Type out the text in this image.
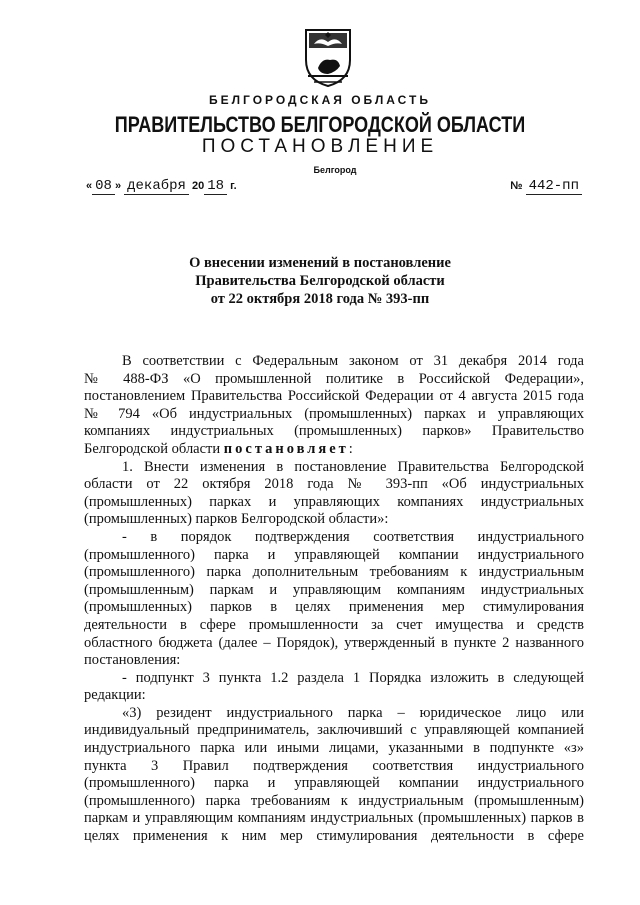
БЕЛГОРОДСКАЯ ОБЛАСТЬ
ПРАВИТЕЛЬСТВО БЕЛГОРОДСКОЙ ОБЛАСТИ
ПОСТАНОВЛЕНИЕ
Белгород
« 08 » декабря 20 18 г.	№ 442-пп
О внесении изменений в постановление
Правительства Белгородской области
от 22 октября 2018 года № 393-пп
В соответствии с Федеральным законом от 31 декабря 2014 года
№ 488-ФЗ «О промышленной политике в Российской Федерации»,
постановлением Правительства Российской Федерации от 4 августа 2015 года
№ 794 «Об индустриальных (промышленных) парках и управляющих
компаниях индустриальных (промышленных) парков» Правительство
Белгородской области постановляет:
1. Внести изменения в постановление Правительства Белгородской
области от 22 октября 2018 года № 393-пп «Об индустриальных
(промышленных) парках и управляющих компаниях индустриальных
(промышленных) парков Белгородской области»:
- в порядок подтверждения соответствия индустриального
(промышленного) парка и управляющей компании индустриального
(промышленного) парка дополнительным требованиям к индустриальным
(промышленным) паркам и управляющим компаниям индустриальных
(промышленных) парков в целях применения мер стимулирования
деятельности в сфере промышленности за счет имущества и средств
областного бюджета (далее – Порядок), утвержденный в пункте 2 названного
постановления:
- подпункт 3 пункта 1.2 раздела 1 Порядка изложить в следующей
редакции:
«3) резидент индустриального парка – юридическое лицо или
индивидуальный предприниматель, заключивший с управляющей компанией
индустриального парка или иными лицами, указанными в подпункте «з»
пункта 3 Правил подтверждения соответствия индустриального
(промышленного) парка и управляющей компании индустриального
(промышленного) парка требованиям к индустриальным (промышленным)
паркам и управляющим компаниям индустриальных (промышленных) парков в
целях применения к ним мер стимулирования деятельности в сфере
